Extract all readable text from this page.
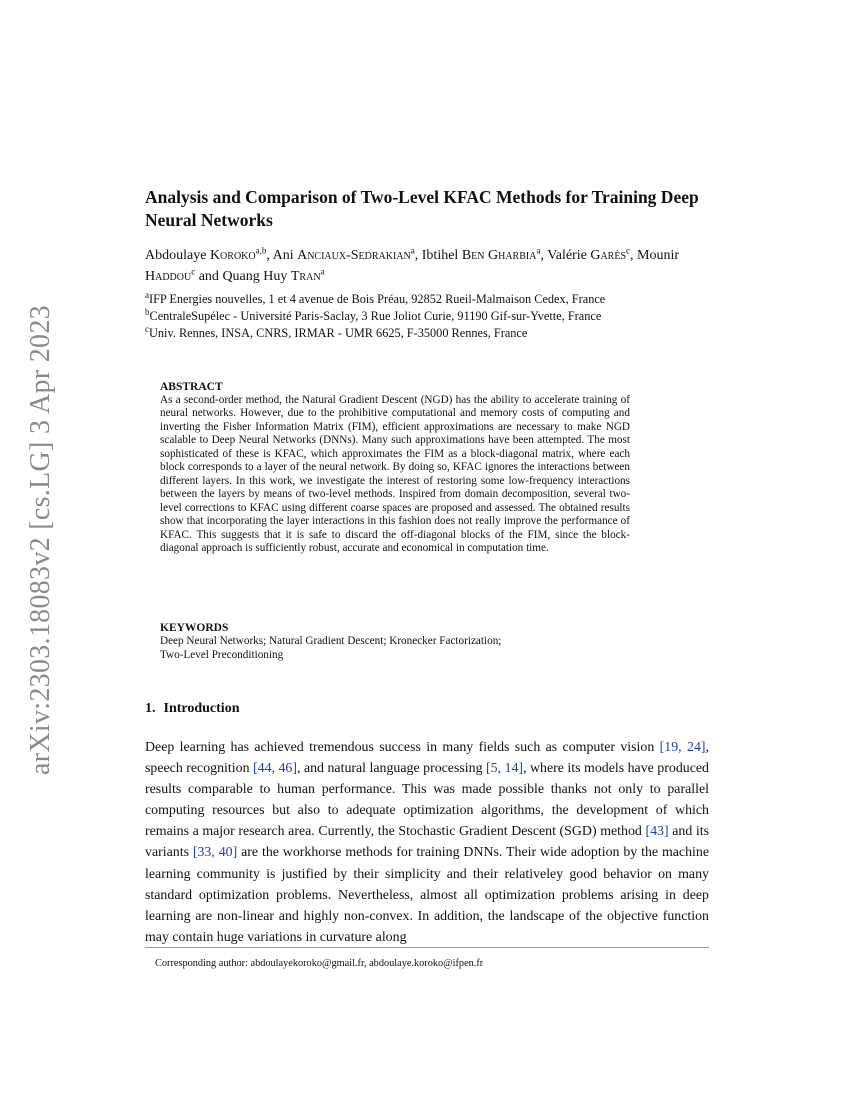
arXiv:2303.18083v2 [cs.LG] 3 Apr 2023
Analysis and Comparison of Two-Level KFAC Methods for Training Deep Neural Networks
Abdoulaye Koroko$^{a,b}$, Ani Anciaux-Sedrakian$^a$, Ibtihel Ben Gharbia$^a$, Valérie Garès$^c$, Mounir Haddou$^c$ and Quang Huy Tran$^a$
$^a$IFP Energies nouvelles, 1 et 4 avenue de Bois Préau, 92852 Rueil-Malmaison Cedex, France
$^b$CentraleSupélec - Université Paris-Saclay, 3 Rue Joliot Curie, 91190 Gif-sur-Yvette, France
$^c$Univ. Rennes, INSA, CNRS, IRMAR - UMR 6625, F-35000 Rennes, France
ABSTRACT

As a second-order method, the Natural Gradient Descent (NGD) has the ability to accelerate training of neural networks. However, due to the prohibitive computational and memory costs of computing and inverting the Fisher Information Matrix (FIM), efficient approximations are necessary to make NGD scalable to Deep Neural Networks (DNNs). Many such approximations have been attempted. The most sophisticated of these is KFAC, which approximates the FIM as a block-diagonal matrix, where each block corresponds to a layer of the neural network. By doing so, KFAC ignores the interactions between different layers. In this work, we investigate the interest of restoring some low-frequency interactions between the layers by means of two-level methods. Inspired from domain decomposition, several two-level corrections to KFAC using different coarse spaces are proposed and assessed. The obtained results show that incorporating the layer interactions in this fashion does not really improve the performance of KFAC. This suggests that it is safe to discard the off-diagonal blocks of the FIM, since the block-diagonal approach is sufficiently robust, accurate and economical in computation time.

KEYWORDS

Deep Neural Networks; Natural Gradient Descent; Kronecker Factorization;

Two-Level Preconditioning

1. Introduction

Deep learning has achieved tremendous success in many fields such as computer vision [19, 24], speech recognition [44, 46], and natural language processing [5, 14], where its models have produced results comparable to human performance. This was made possible thanks not only to parallel computing resources but also to adequate optimization algorithms, the development of which remains a major research area. Currently, the Stochastic Gradient Descent (SGD) method [43] and its variants [33, 40] are the workhorse methods for training DNNs. Their wide adoption by the machine learning community is justified by their simplicity and their relativeley good behavior on many standard optimization problems. Nevertheless, almost all optimization problems arising in deep learning are non-linear and highly non-convex. In addition, the landscape of the objective function may contain huge variations in curvature along

Corresponding author: abdoulayekoroko@gmail.fr, abdoulaye.koroko@ifpen.fr
